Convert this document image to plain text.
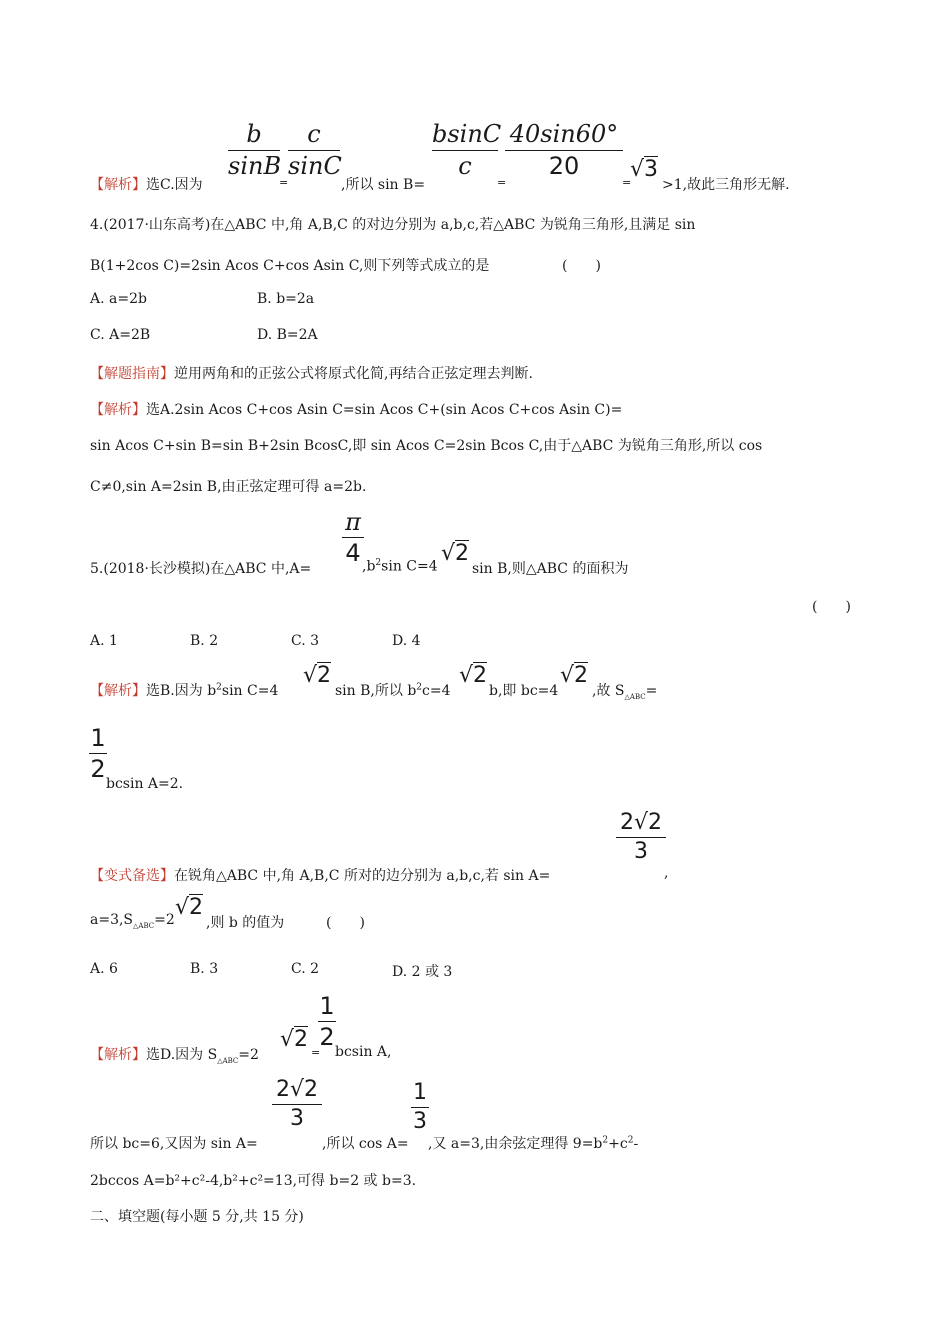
b
sinB
c
sinC
bsinC
c
40sin60°
20
【解析】选C.因为	=	,所以 sin B=	=	=
√3
>1,故此三角形无解.
4.(2017·山东高考)在△ABC 中,角 A,B,C 的对边分别为 a,b,c,若△ABC 为锐角三角形,且满足 sin
B(1+2cos C)=2sin Acos C+cos Asin C,则下列等式成立的是	(　　)
A. a=2b	B. b=2a
C. A=2B	D. B=2A
【解题指南】逆用两角和的正弦公式将原式化简,再结合正弦定理去判断.
【解析】选A.2sin Acos C+cos Asin C=sin Acos C+(sin Acos C+cos Asin C)=
sin Acos C+sin B=sin B+2sin BcosC,即 sin Acos C=2sin Bcos C,由于△ABC 为锐角三角形,所以 cos
C≠0,sin A=2sin B,由正弦定理可得 a=2b.
π
4
5.(2018·长沙模拟)在△ABC 中,A=	$,b^2\sin$ C=4
√2
sin B,则△ABC 的面积为
(　　)
A. 1	B. 2	C. 3	D. 4
【解析】选B.因为 $b^2\sin$ C=4
√2
sin B,所以 $b^2c=4$
√2
b,即 bc=4
√2
,故 $S_{\triangle ABC}=$
1
2
bcsin A=2.
2√2
3
【变式备选】在锐角△ABC 中,角 A,B,C 所对的边分别为 a,b,c,若 sin A=	,
$a=3,S_{\triangle ABC}=2$ √2
,则 b 的值为	(　　)
A. 6	B. 3	C. 2	D. 2 或 3
1
2
【解析】选D.因为 $S_{\triangle ABC}=2$
√2
= bcsin A,
2√2
3
1
3
所以 bc=6,又因为 sin A=	,所以 cos A= ,又 a=3,由余弦定理得 $9=b^2+c^2-$
2bccos A=b²+c²-4,b²+c²=13,可得 b=2 或 b=3.
二、填空题(每小题 5 分,共 15 分)
